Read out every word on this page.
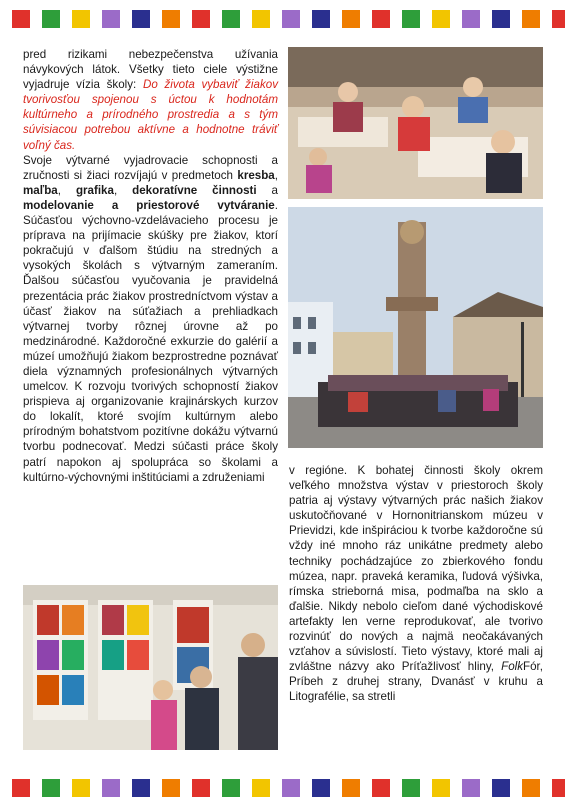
pred rizikami nebezpečenstva užívania návykových látok. Všetky tieto ciele výstižne vyjadruje vízia školy: Do života vybaviť žiakov tvorivosťou spojenou s úctou k hodnotám kultúrneho a prírodného prostredia a s tým súvisiacou potrebou aktívne a hodnotne tráviť voľný čas.

Svoje výtvarné vyjadrovacie schopnosti a zručnosti si žiaci rozvíjajú v predmetoch kresba, maľba, grafika, dekoratívne činnosti a modelovanie a priestorové vytváranie. Súčasťou výchovno-vzdelávacieho procesu je príprava na prijímacie skúšky pre žiakov, ktorí pokračujú v ďalšom štúdiu na stredných a vysokých školách s výtvarným zameraním. Ďalšou súčasťou vyučovania je pravidelná prezentácia prác žiakov prostredníctvom výstav a účasť žiakov na súťažiach a prehliadkach výtvarnej tvorby rôznej úrovne až po medzinárodné. Každoročné exkurzie do galérií a múzeí umožňujú žiakom bezprostredne poznávať diela významných profesionálnych výtvarných umelcov. K rozvoju tvorivých schopností žiakov prispieva aj organizovanie krajinárskych kurzov do lokalít, ktoré svojím kultúrnym alebo prírodným bohatstvom pozitívne dokážu výtvarnú tvorbu podnecovať. Medzi súčasti práce školy patrí napokon aj spolupráca so školami a kultúrno-výchovnými inštitúciami a združeniami

v regióne. K bohatej činnosti školy okrem veľkého množstva výstav v priestoroch školy patria aj výstavy výtvarných prác našich žiakov uskutočňované v Hornonitrianskom múzeu v Prievidzi, kde inšpiráciou k tvorbe každoročne sú vždy iné mnoho ráz unikátne predmety alebo techniky pochádzajúce zo zbierkového fondu múzea, napr. praveká keramika, ľudová výšivka, rímska strieborná misa, podmaľba na sklo a ďalšie. Nikdy nebolo cieľom dané východiskové artefakty len verne reprodukovať, ale tvorivo rozvinúť do nových a najmä neočakávaných vzťahov a súvislostí. Tieto výstavy, ktoré mali aj zvláštne názvy ako Príťažlivosť hliny, FolkFór, Príbeh z druhej strany, Dvanásť v kruhu a Litografélie, sa stretli
